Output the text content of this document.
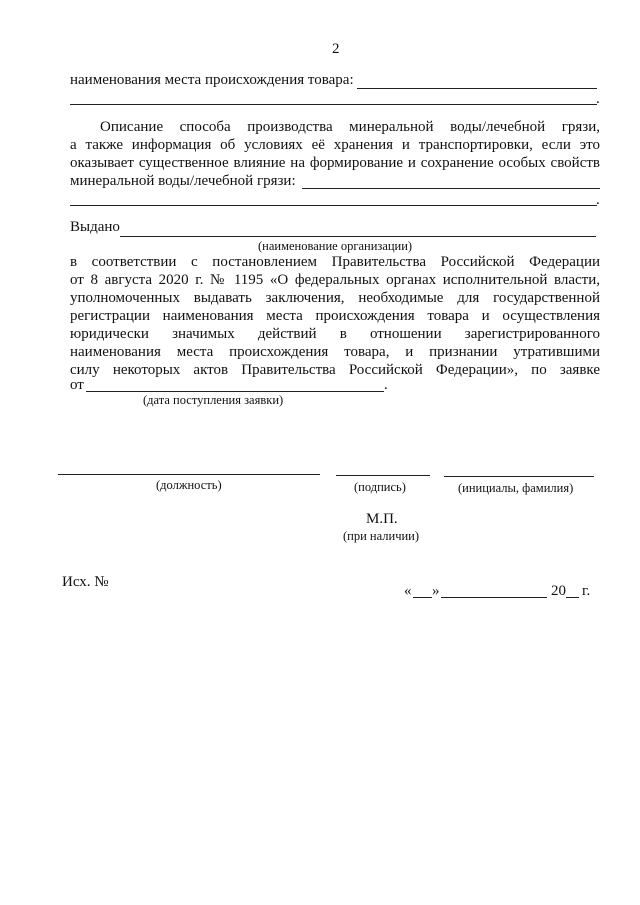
2
наименования места происхождения товара:
.
Описание способа производства минеральной воды/лечебной грязи,
а также информация об условиях её хранения и транспортировки, если это
оказывает существенное влияние на формирование и сохранение особых свойств
минеральной воды/лечебной грязи:
.
Выдано
(наименование организации)
в соответствии с постановлением Правительства Российской Федерации
от 8 августа 2020 г. № 1195 «О федеральных органах исполнительной власти,
уполномоченных выдавать заключения, необходимые для государственной
регистрации наименования места происхождения товара и осуществления
юридически значимых действий в отношении зарегистрированного
наименования места происхождения товара, и признании утратившими
силу некоторых актов Правительства Российской Федерации», по заявке
от	.
(дата поступления заявки)
(должность)	(подпись)	(инициалы, фамилия)
М.П.
(при наличии)
Исх. №
« »	20 г.
